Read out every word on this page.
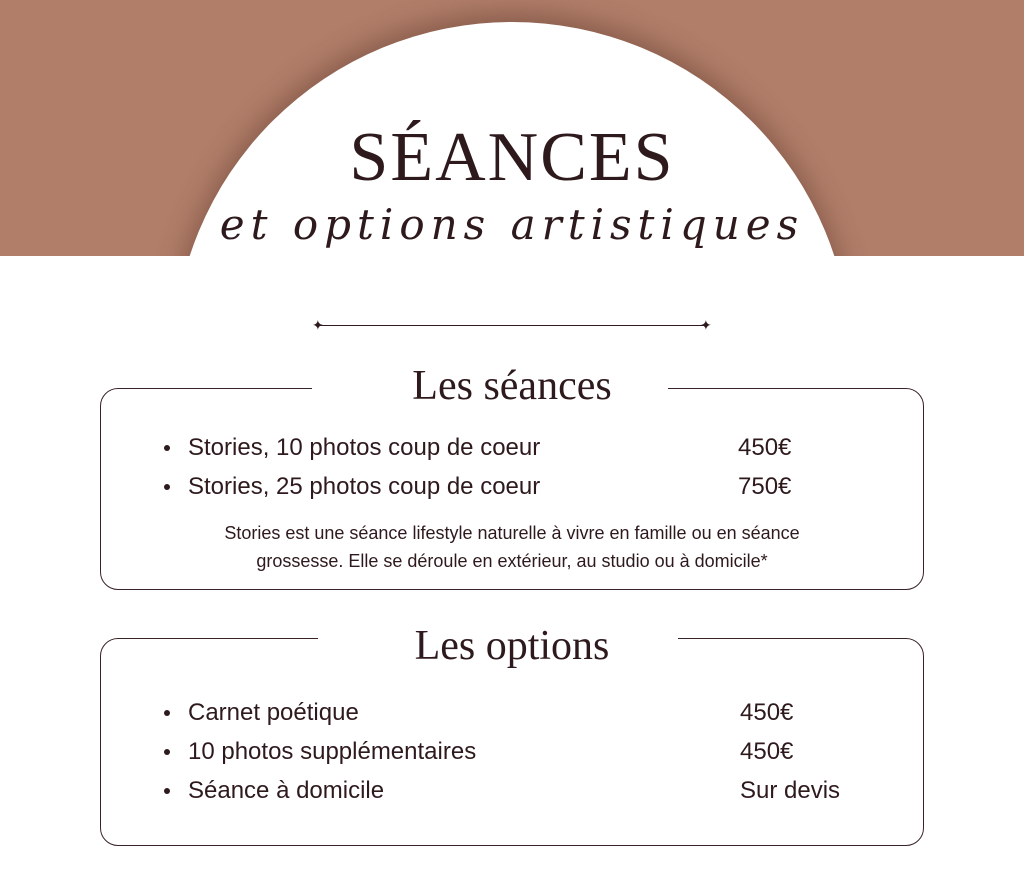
SÉANCES
et options artistiques
✦	✦
Les séances
Stories, 10 photos coup de coeur	450€
Stories, 25 photos coup de coeur	750€
Stories est une séance lifestyle naturelle à vivre en famille ou en séance
grossesse. Elle se déroule en extérieur, au studio ou à domicile*
Les options
Carnet poétique	450€
10 photos supplémentaires	450€
Séance à domicile	Sur devis
